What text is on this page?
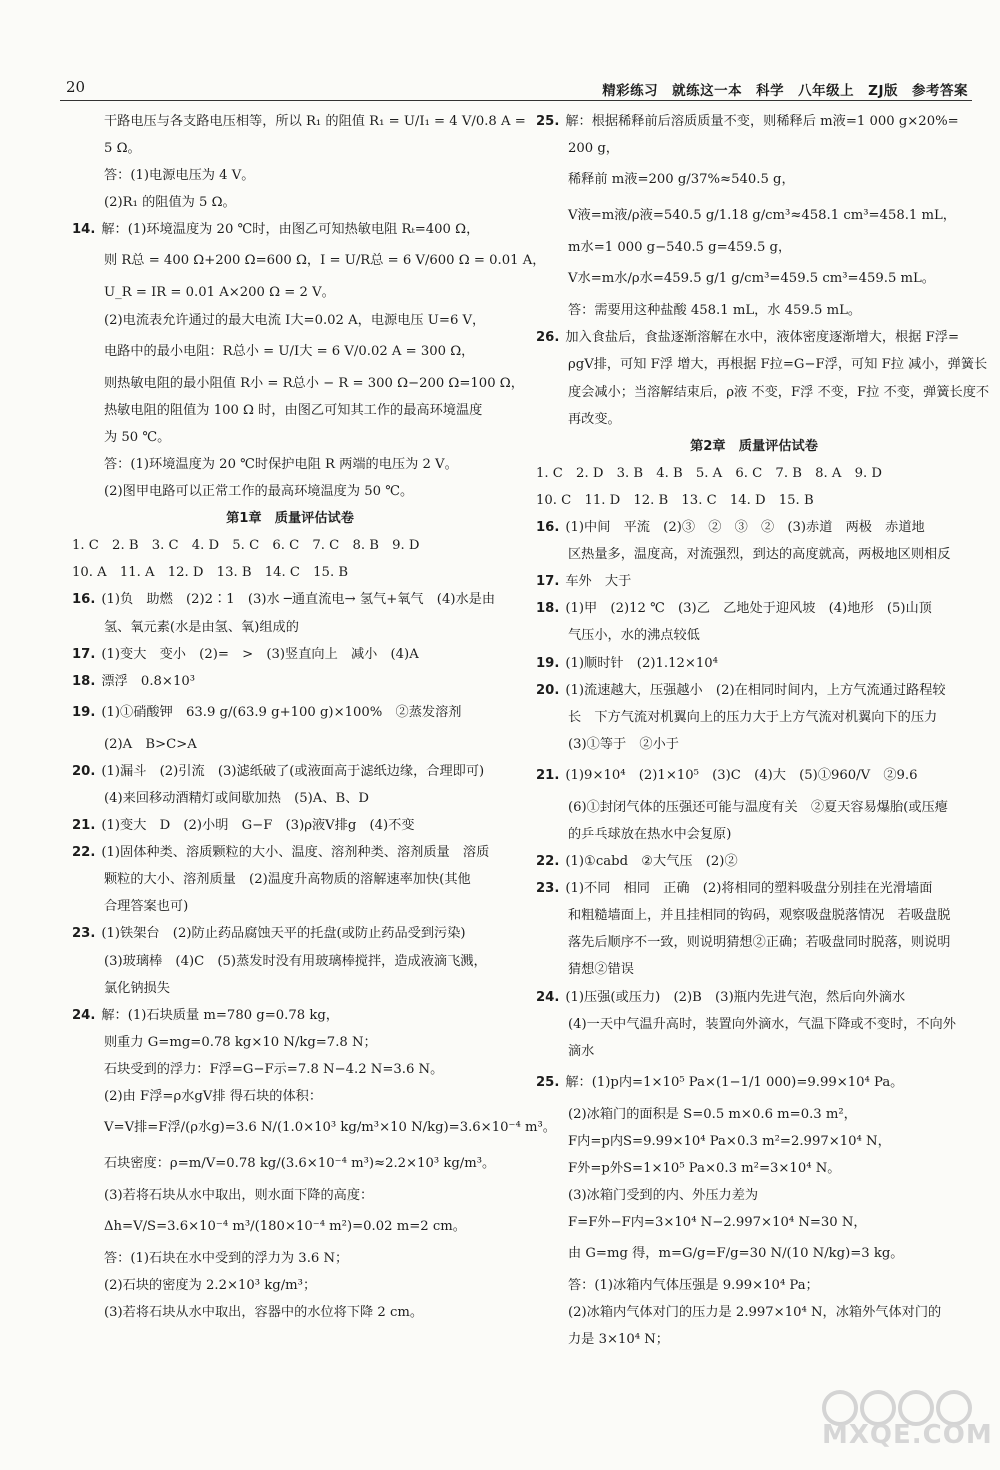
20	精彩练习　就练这一本　科学　八年级上　ZJ版　参考答案
干路电压与各支路电压相等，所以 R₁ 的阻值 R₁ = U/I₁ = 4 V/0.8 A =
5 Ω。
答：(1)电源电压为 4 V。
(2)R₁ 的阻值为 5 Ω。
14. 解：(1)环境温度为 20 ℃时，由图乙可知热敏电阻 Rₜ=400 Ω，
则 R总 = 400 Ω+200 Ω=600 Ω，I = U/R总 = 6 V/600 Ω = 0.01 A，
U_R = IR = 0.01 A×200 Ω = 2 V。
(2)电流表允许通过的最大电流 I大=0.02 A，电源电压 U=6 V，
电路中的最小电阻：R总小 = U/I大 = 6 V/0.02 A = 300 Ω，
则热敏电阻的最小阻值 R小 = R总小 − R = 300 Ω−200 Ω=100 Ω，
热敏电阻的阻值为 100 Ω 时，由图乙可知其工作的最高环境温度
为 50 ℃。
答：(1)环境温度为 20 ℃时保护电阻 R 两端的电压为 2 V。
(2)图甲电路可以正常工作的最高环境温度为 50 ℃。
第1章　质量评估试卷
1. C　2. B　3. C　4. D　5. C　6. C　7. C　8. B　9. D
10. A　11. A　12. D　13. B　14. C　15. B
16. (1)负　助燃　(2)2∶1　(3)水 ─通直流电→ 氢气+氧气　(4)水是由
氢、氧元素(水是由氢、氧)组成的
17. (1)变大　变小　(2)=　>　(3)竖直向上　减小　(4)A
18. 漂浮　0.8×10³
19. (1)①硝酸钾　63.9 g/(63.9 g+100 g)×100%　②蒸发溶剂
(2)A　B>C>A
20. (1)漏斗　(2)引流　(3)滤纸破了(或液面高于滤纸边缘，合理即可)
(4)来回移动酒精灯或间歇加热　(5)A、B、D
21. (1)变大　D　(2)小明　G−F　(3)ρ液V排g　(4)不变
22. (1)固体种类、溶质颗粒的大小、温度、溶剂种类、溶剂质量　溶质
颗粒的大小、溶剂质量　(2)温度升高物质的溶解速率加快(其他
合理答案也可)
23. (1)铁架台　(2)防止药品腐蚀天平的托盘(或防止药品受到污染)
(3)玻璃棒　(4)C　(5)蒸发时没有用玻璃棒搅拌，造成液滴飞溅，
氯化钠损失
24. 解：(1)石块质量 m=780 g=0.78 kg，
则重力 G=mg=0.78 kg×10 N/kg=7.8 N；
石块受到的浮力：F浮=G−F示=7.8 N−4.2 N=3.6 N。
(2)由 F浮=ρ水gV排 得石块的体积：
V=V排=F浮/(ρ水g)=3.6 N/(1.0×10³ kg/m³×10 N/kg)=3.6×10⁻⁴ m³。
石块密度：ρ=m/V=0.78 kg/(3.6×10⁻⁴ m³)≈2.2×10³ kg/m³。
(3)若将石块从水中取出，则水面下降的高度：
Δh=V/S=3.6×10⁻⁴ m³/(180×10⁻⁴ m²)=0.02 m=2 cm。
答：(1)石块在水中受到的浮力为 3.6 N；
(2)石块的密度为 2.2×10³ kg/m³；
(3)若将石块从水中取出，容器中的水位将下降 2 cm。
25. 解：根据稀释前后溶质质量不变，则稀释后 m液=1 000 g×20%=
200 g，
稀释前 m液=200 g/37%≈540.5 g，
V液=m液/ρ液=540.5 g/1.18 g/cm³≈458.1 cm³=458.1 mL，
m水=1 000 g−540.5 g=459.5 g，
V水=m水/ρ水=459.5 g/1 g/cm³=459.5 cm³=459.5 mL。
答：需要用这种盐酸 458.1 mL，水 459.5 mL。
26. 加入食盐后，食盐逐渐溶解在水中，液体密度逐渐增大，根据 F浮=
ρgV排，可知 F浮 增大，再根据 F拉=G−F浮，可知 F拉 减小，弹簧长
度会减小；当溶解结束后，ρ液 不变，F浮 不变，F拉 不变，弹簧长度不
再改变。
第2章　质量评估试卷
1. C　2. D　3. B　4. B　5. A　6. C　7. B　8. A　9. D
10. C　11. D　12. B　13. C　14. D　15. B
16. (1)中间　平流　(2)③　②　③　②　(3)赤道　两极　赤道地
区热量多，温度高，对流强烈，到达的高度就高，两极地区则相反
17. 车外　大于
18. (1)甲　(2)12 ℃　(3)乙　乙地处于迎风坡　(4)地形　(5)山顶
气压小，水的沸点较低
19. (1)顺时针　(2)1.12×10⁴
20. (1)流速越大，压强越小　(2)在相同时间内，上方气流通过路程较
长　下方气流对机翼向上的压力大于上方气流对机翼向下的压力
(3)①等于　②小于
21. (1)9×10⁴　(2)1×10⁵　(3)C　(4)大　(5)①960/V　②9.6
(6)①封闭气体的压强还可能与温度有关　②夏天容易爆胎(或压瘪
的乒乓球放在热水中会复原)
22. (1)①cabd　②大气压　(2)②
23. (1)不同　相同　正确　(2)将相同的塑料吸盘分别挂在光滑墙面
和粗糙墙面上，并且挂相同的钩码，观察吸盘脱落情况　若吸盘脱
落先后顺序不一致，则说明猜想②正确；若吸盘同时脱落，则说明
猜想②错误
24. (1)压强(或压力)　(2)B　(3)瓶内先进气泡，然后向外滴水
(4)一天中气温升高时，装置向外滴水，气温下降或不变时，不向外
滴水
25. 解：(1)p内=1×10⁵ Pa×(1−1/1 000)=9.99×10⁴ Pa。
(2)冰箱门的面积是 S=0.5 m×0.6 m=0.3 m²，
F内=p内S=9.99×10⁴ Pa×0.3 m²=2.997×10⁴ N，
F外=p外S=1×10⁵ Pa×0.3 m²=3×10⁴ N。
(3)冰箱门受到的内、外压力差为
F=F外−F内=3×10⁴ N−2.997×10⁴ N=30 N，
由 G=mg 得，m=G/g=F/g=30 N/(10 N/kg)=3 kg。
答：(1)冰箱内气体压强是 9.99×10⁴ Pa；
(2)冰箱内气体对门的压力是 2.997×10⁴ N，冰箱外气体对门的
力是 3×10⁴ N；
MXQE.COM
